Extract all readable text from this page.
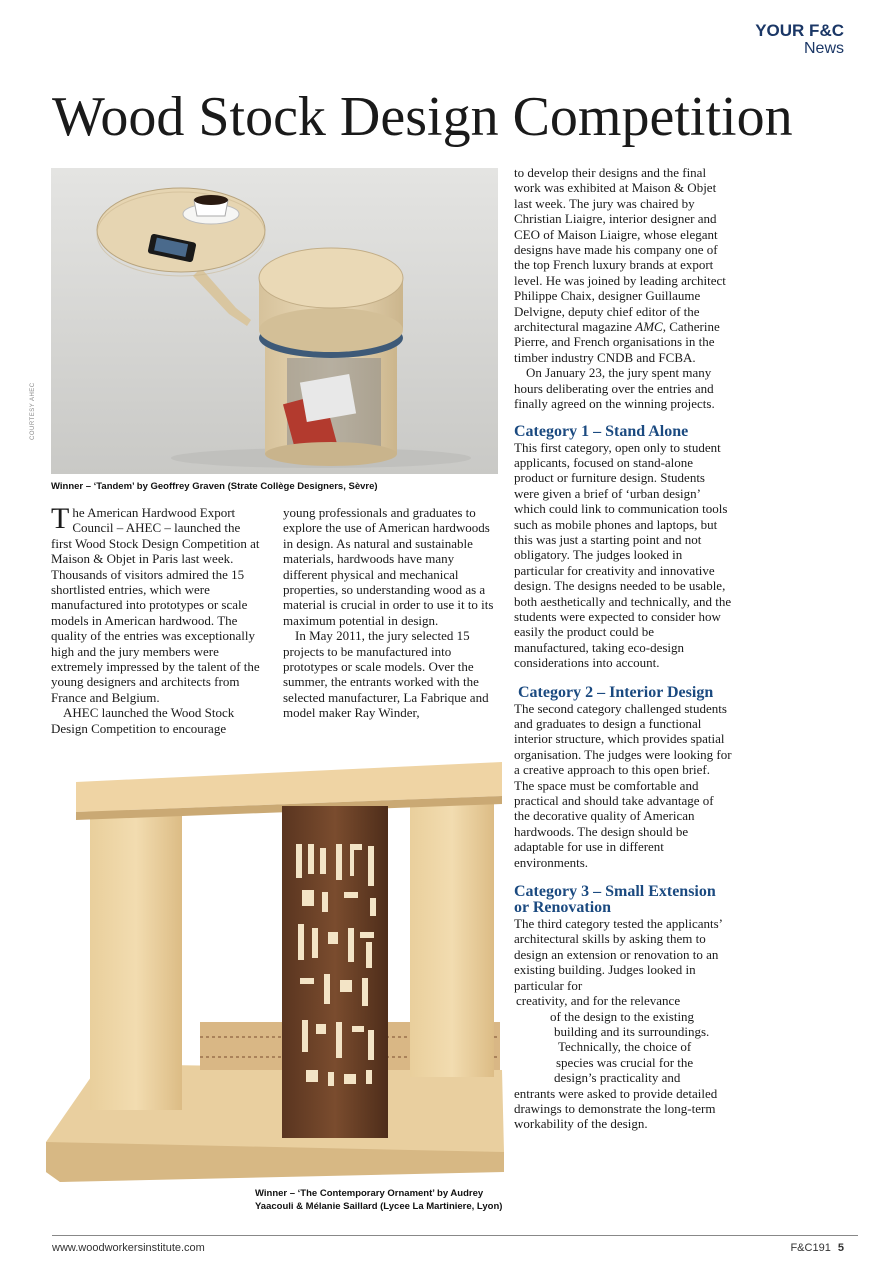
YOUR F&C
News
Wood Stock Design Competition
COURTESY AHEC
Winner – ‘Tandem’ by Geoffrey Graven (Strate Collège Designers, Sèvre)

The American Hardwood Export Council – AHEC – launched the first Wood Stock Design Competition at Maison & Objet in Paris last week. Thousands of visitors admired the 15 shortlisted entries, which were manufactured into prototypes or scale models in American hardwood. The quality of the entries was exceptionally high and the jury members were extremely impressed by the talent of the young designers and architects from France and Belgium.

AHEC launched the Wood Stock Design Competition to encourage

young professionals and graduates to explore the use of American hardwoods in design. As natural and sustainable materials, hardwoods have many different physical and mechanical properties, so understanding wood as a material is crucial in order to use it to its maximum potential in design.

In May 2011, the jury selected 15 projects to be manufactured into prototypes or scale models. Over the summer, the entrants worked with the selected manufacturer, La Fabrique and model maker Ray Winder,

to develop their designs and the final work was exhibited at Maison & Objet last week. The jury was chaired by Christian Liaigre, interior designer and CEO of Maison Liaigre, whose elegant designs have made his company one of the top French luxury brands at export level. He was joined by leading architect Philippe Chaix, designer Guillaume Delvigne, deputy chief editor of the architectural magazine AMC, Catherine Pierre, and French organisations in the timber industry CNDB and FCBA.

On January 23, the jury spent many hours deliberating over the entries and finally agreed on the winning projects.

Category 1 – Stand Alone

This first category, open only to student applicants, focused on stand-alone product or furniture design. Students were given a brief of ‘urban design’ which could link to communication tools such as mobile phones and laptops, but this was just a starting point and not obligatory. The judges looked in particular for creativity and innovative design. The designs needed to be usable, both aesthetically and technically, and the students were expected to consider how easily the product could be manufactured, taking eco-design considerations into account.

Category 2 – Interior Design

The second category challenged students and graduates to design a functional interior structure, which provides spatial organisation. The judges were looking for a creative approach to this open brief. The space must be comfortable and practical and should take advantage of the decorative quality of American hardwoods. The design should be adaptable for use in different environments.

Category 3 – Small Extension
or Renovation

The third category tested the applicants’ architectural skills by asking them to design an extension or renovation to an existing building. Judges looked in particular for

creativity, and for the relevance
of the design to the existing
building and its surroundings.
Technically, the choice of
species was crucial for the
design’s practicality and

entrants were asked to provide detailed drawings to demonstrate the long-term workability of the design.

Winner – ‘The Contemporary Ornament’ by Audrey
Yaacouli & Mélanie Saillard (Lycee La Martiniere, Lyon)
www.woodworkersinstitute.com	F&C191 5
